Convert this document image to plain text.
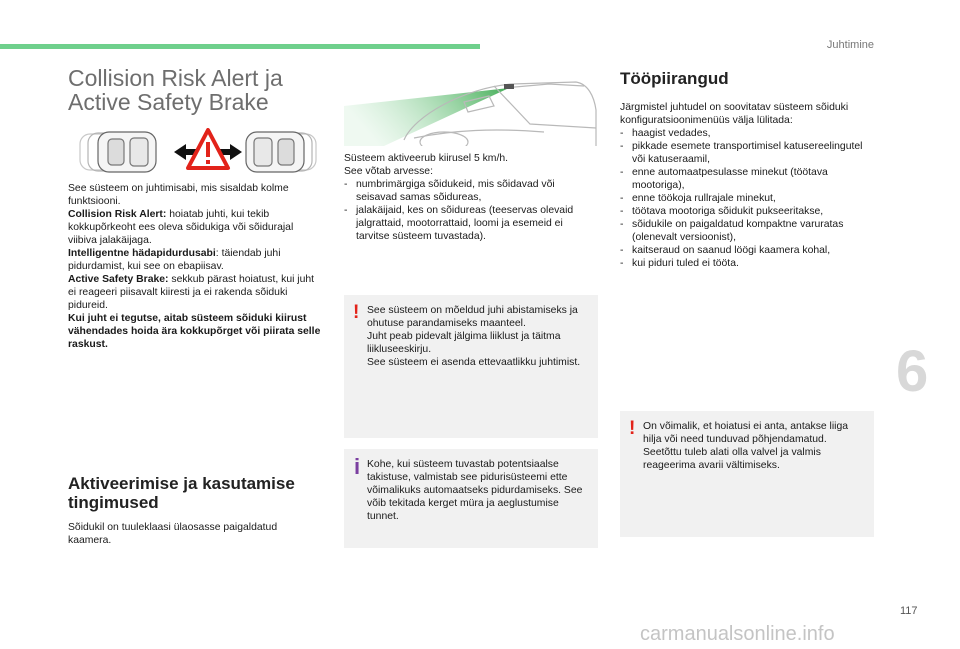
Juhtimine
Collision Risk Alert ja
Active Safety Brake

See süsteem on juhtimisabi, mis sisaldab kolme funktsiooni.

Collision Risk Alert: hoiatab juhti, kui tekib kokkupõrkeoht ees oleva sõidukiga või sõidurajal viibiva jalakäijaga.

Intelligentne hädapidurdusabi: täiendab juhi pidurdamist, kui see on ebapiisav.

Active Safety Brake: sekkub pärast hoiatust, kui juht ei reageeri piisavalt kiiresti ja ei rakenda sõiduki pidureid.

Kui juht ei tegutse, aitab süsteem sõiduki kiirust vähendades hoida ära kokkupõrget või piirata selle raskust.

Aktiveerimise ja kasutamise
tingimused

Sõidukil on tuuleklaasi ülaosasse paigaldatud kaamera.

Süsteem aktiveerub kiirusel 5 km/h.

See võtab arvesse:

- numbrimärgiga sõidukeid, mis sõidavad või seisavad samas sõidureas,
- jalakäijaid, kes on sõidureas (teeservas olevaid jalgrattaid, mootorrattaid, loomi ja esemeid ei tarvitse süsteem tuvastada).
! See süsteem on mõeldud juhi abistamiseks ja ohutuse parandamiseks maanteel.

Juht peab pidevalt jälgima liiklust ja täitma liikluseeskirju.

See süsteem ei asenda ettevaatlikku juhtimist.

i Kohe, kui süsteem tuvastab potentsiaalse takistuse, valmistab see pidurisüsteemi ette võimalikuks automaatseks pidurdamiseks. See võib tekitada kerget müra ja aeglustumise tunnet.

Tööpiirangud

Järgmistel juhtudel on soovitatav süsteem sõiduki konfiguratsioonimenüüs välja lülitada:

- haagist vedades,
- pikkade esemete transportimisel katusereelingutel või katuseraamil,
- enne automaatpesulasse minekut (töötava mootoriga),
- enne töökoja rullrajale minekut,
- töötava mootoriga sõidukit pukseeritakse,
- sõidukile on paigaldatud kompaktne varuratas (olenevalt versioonist),
- kaitseraud on saanud löögi kaamera kohal,
- kui piduri tuled ei tööta.
! On võimalik, et hoiatusi ei anta, antakse liiga hilja või need tunduvad põhjendamatud.

Seetõttu tuleb alati olla valvel ja valmis reageerima avarii vältimiseks.

6
117
carmanualsonline.info
